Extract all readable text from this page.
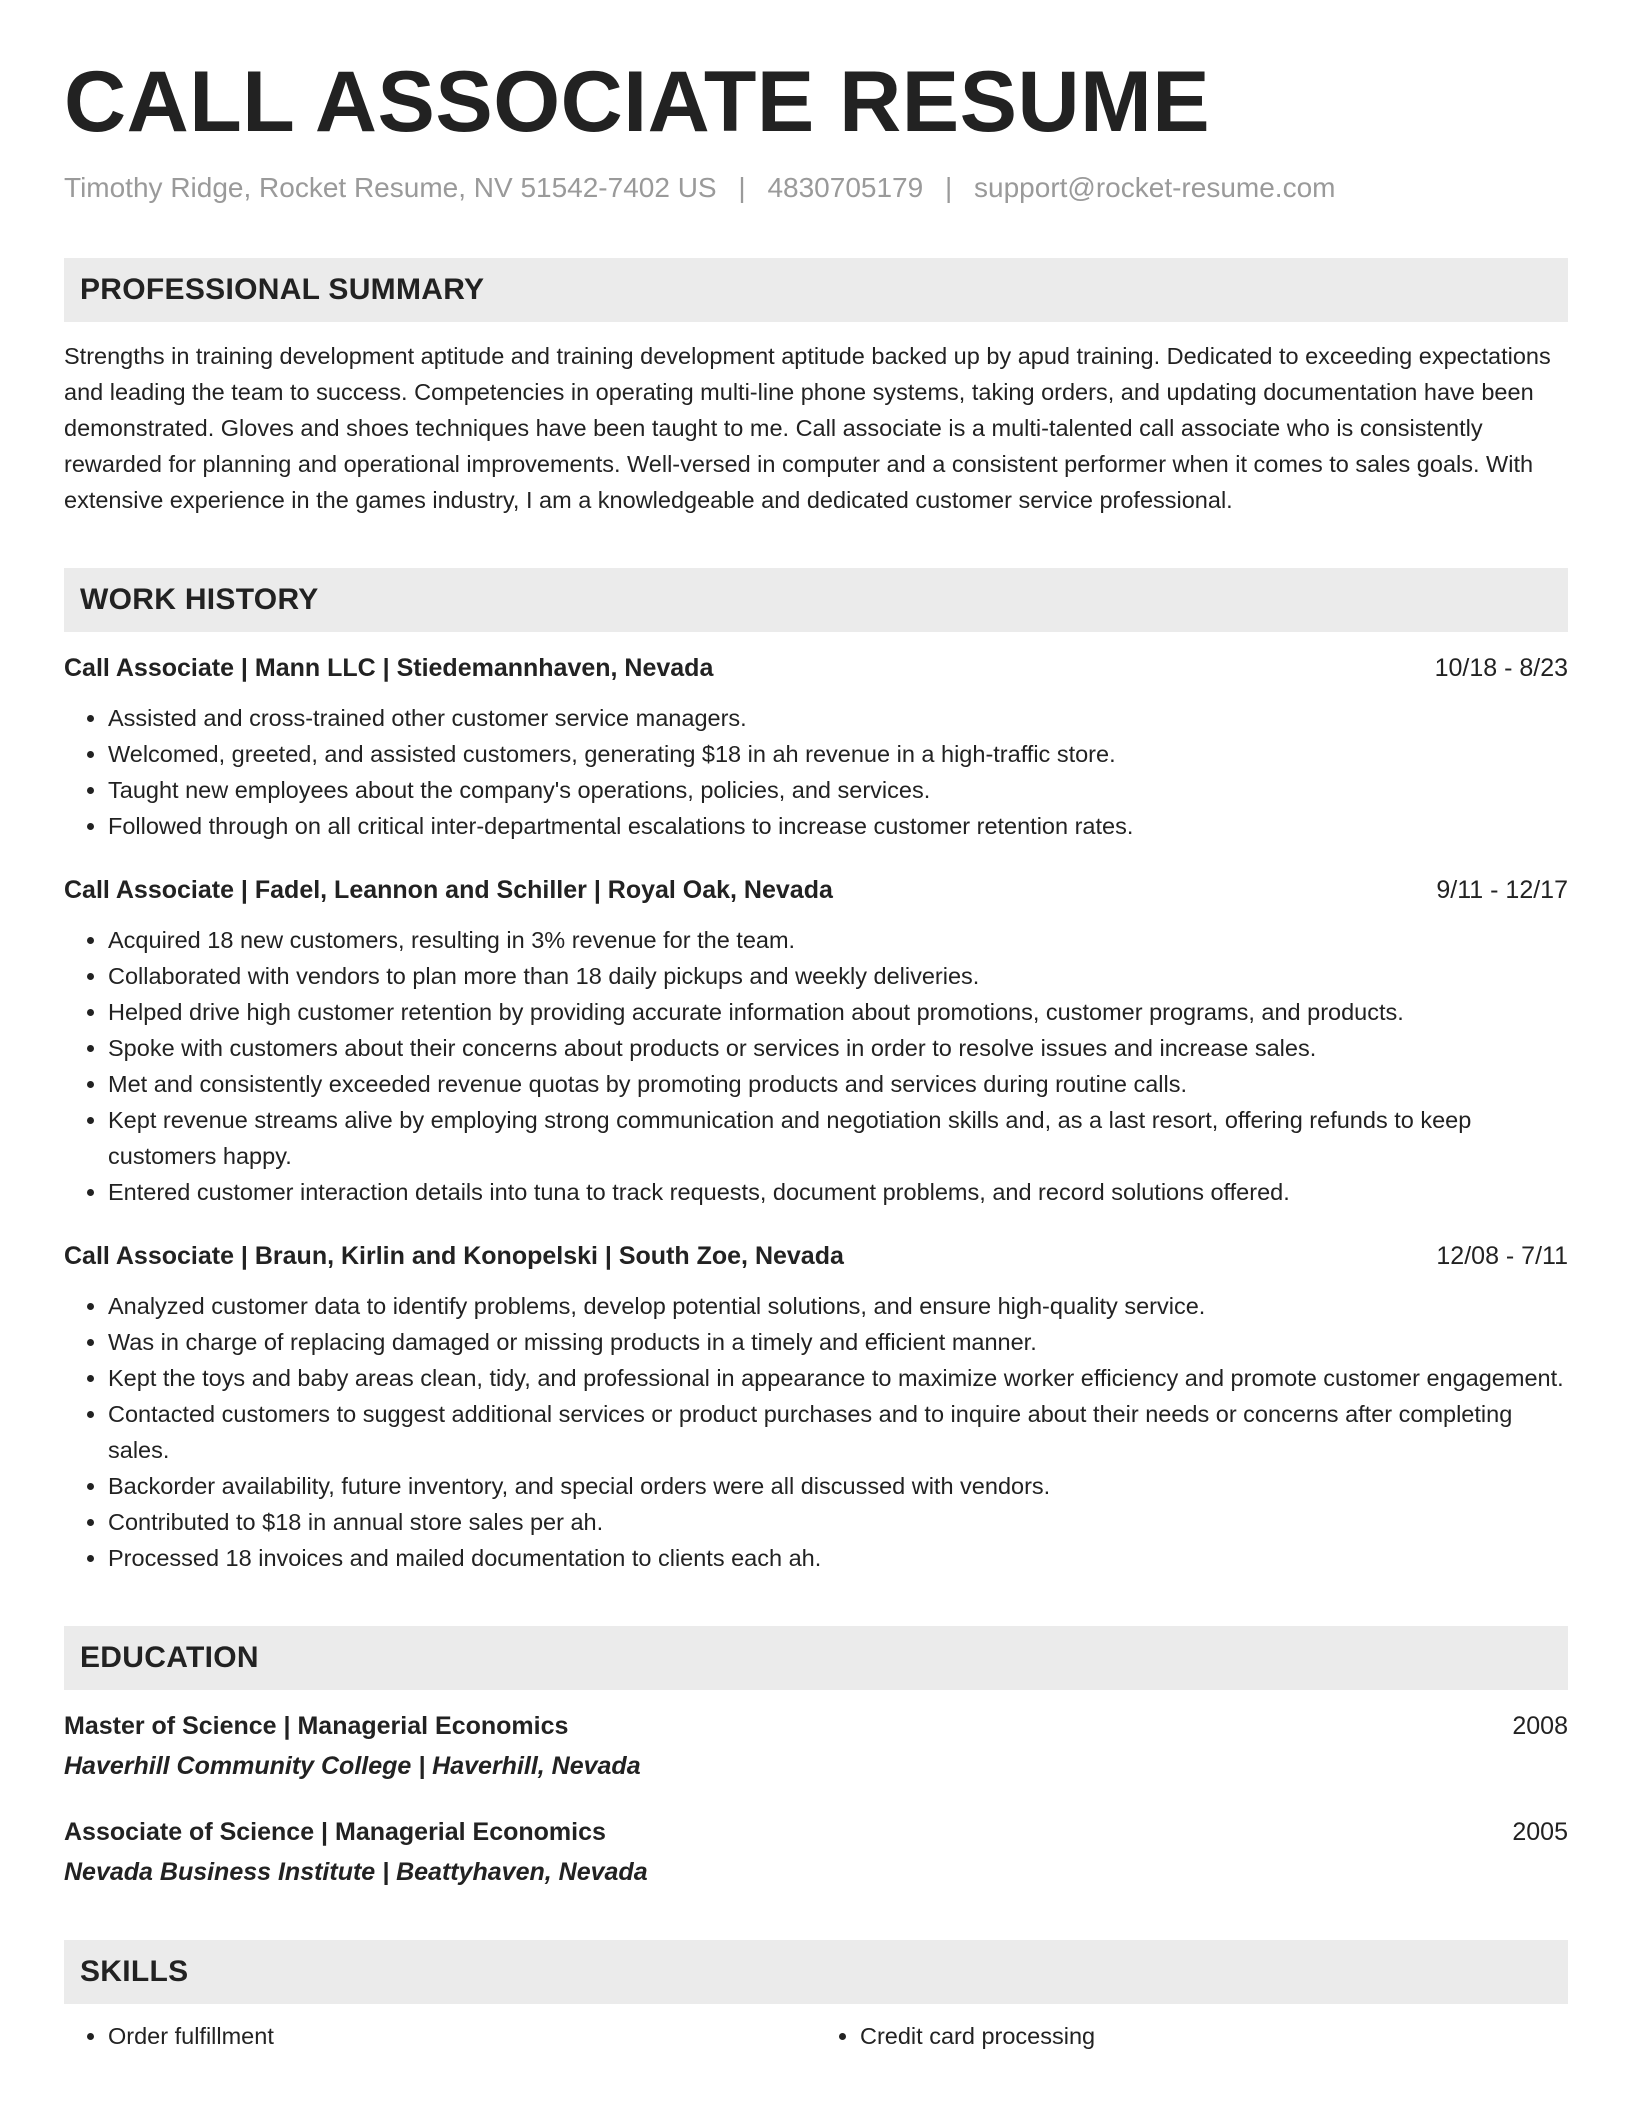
CALL ASSOCIATE RESUME
Timothy Ridge, Rocket Resume, NV 51542-7402 US | 4830705179 | support@rocket-resume.com
PROFESSIONAL SUMMARY
Strengths in training development aptitude and training development aptitude backed up by apud training. Dedicated to exceeding expectations and leading the team to success. Competencies in operating multi-line phone systems, taking orders, and updating documentation have been demonstrated. Gloves and shoes techniques have been taught to me. Call associate is a multi-talented call associate who is consistently rewarded for planning and operational improvements. Well-versed in computer and a consistent performer when it comes to sales goals. With extensive experience in the games industry, I am a knowledgeable and dedicated customer service professional.
WORK HISTORY
Call Associate | Mann LLC | Stiedemannhaven, Nevada	10/18 - 8/23
• Assisted and cross-trained other customer service managers.
• Welcomed, greeted, and assisted customers, generating $18 in ah revenue in a high-traffic store.
• Taught new employees about the company's operations, policies, and services.
• Followed through on all critical inter-departmental escalations to increase customer retention rates.
Call Associate | Fadel, Leannon and Schiller | Royal Oak, Nevada	9/11 - 12/17
• Acquired 18 new customers, resulting in 3% revenue for the team.
• Collaborated with vendors to plan more than 18 daily pickups and weekly deliveries.
• Helped drive high customer retention by providing accurate information about promotions, customer programs, and products.
• Spoke with customers about their concerns about products or services in order to resolve issues and increase sales.
• Met and consistently exceeded revenue quotas by promoting products and services during routine calls.
• Kept revenue streams alive by employing strong communication and negotiation skills and, as a last resort, offering refunds to keep customers happy.
• Entered customer interaction details into tuna to track requests, document problems, and record solutions offered.
Call Associate | Braun, Kirlin and Konopelski | South Zoe, Nevada	12/08 - 7/11
• Analyzed customer data to identify problems, develop potential solutions, and ensure high-quality service.
• Was in charge of replacing damaged or missing products in a timely and efficient manner.
• Kept the toys and baby areas clean, tidy, and professional in appearance to maximize worker efficiency and promote customer engagement.
• Contacted customers to suggest additional services or product purchases and to inquire about their needs or concerns after completing sales.
• Backorder availability, future inventory, and special orders were all discussed with vendors.
• Contributed to $18 in annual store sales per ah.
• Processed 18 invoices and mailed documentation to clients each ah.
EDUCATION
Master of Science | Managerial Economics	2008
Haverhill Community College | Haverhill, Nevada
Associate of Science | Managerial Economics	2005
Nevada Business Institute | Beattyhaven, Nevada
SKILLS
• Order fulfillment
•	Credit card processing
